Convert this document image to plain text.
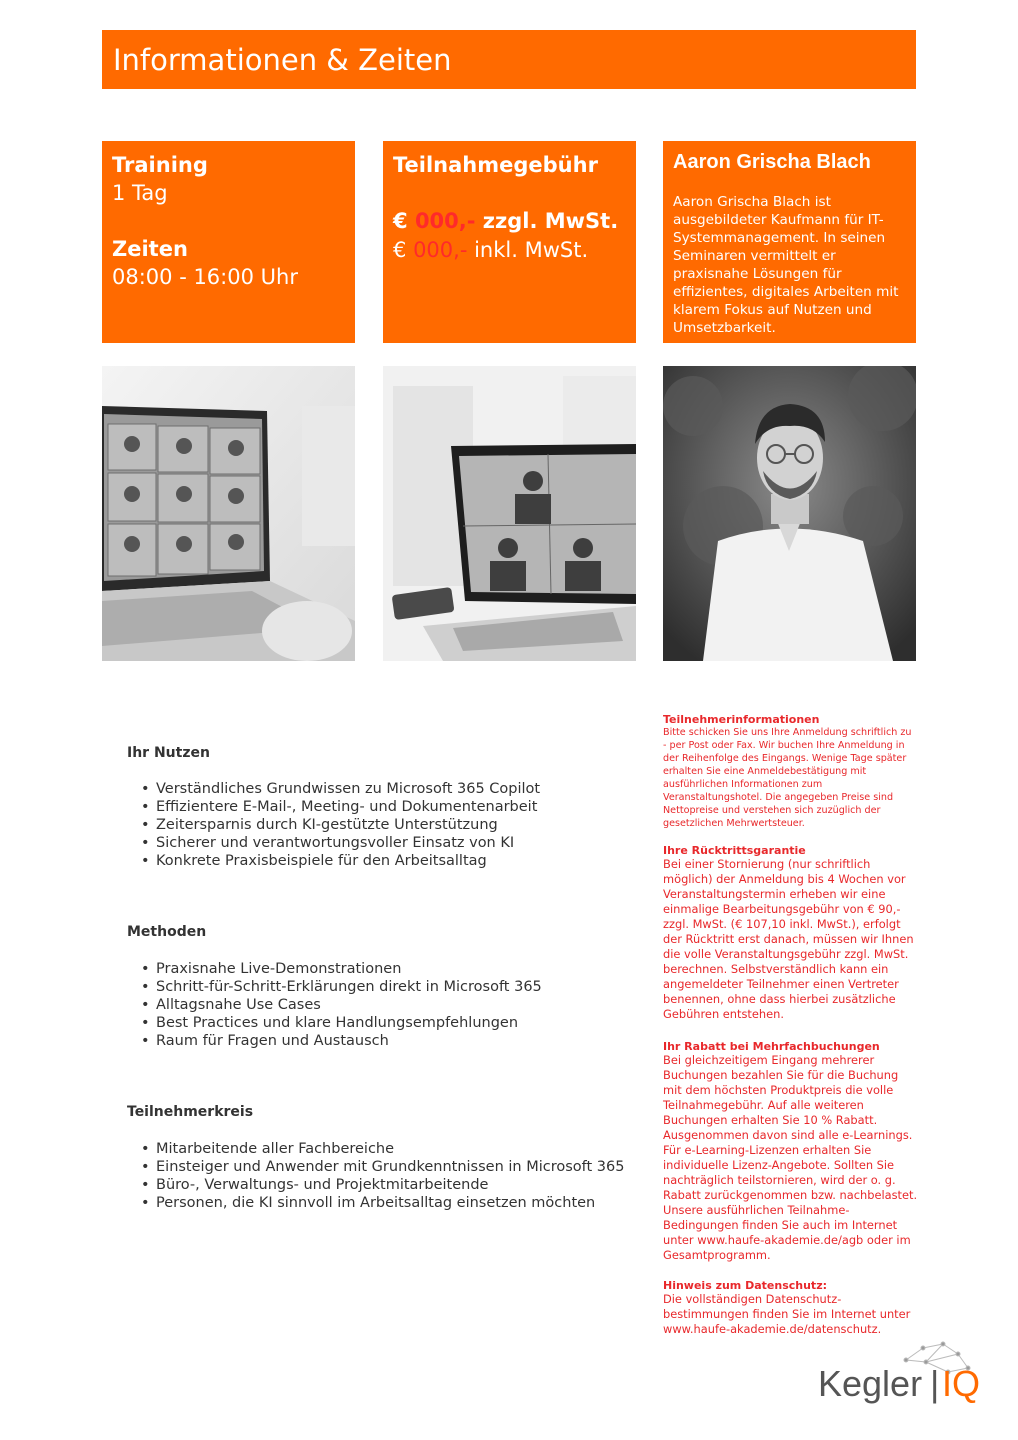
Informationen & Zeiten
Training
1 Tag
Zeiten
08:00 - 16:00 Uhr
Teilnahmegebühr
€ 000,- zzgl. MwSt.
€ 000,- inkl. MwSt.
Aaron Grischa Blach
Aaron Grischa Blach ist ausgebildeter Kaufmann für IT-Systemmanagement. In seinen Seminaren vermittelt er praxisnahe Lösungen für effizientes, digitales Arbeiten mit klarem Fokus auf Nutzen und Umsetzbarkeit.
Ihr Nutzen
• Verständliches Grundwissen zu Microsoft 365 Copilot
• Effizientere E-Mail-, Meeting- und Dokumentenarbeit
• Zeitersparnis durch KI-gestützte Unterstützung
• Sicherer und verantwortungsvoller Einsatz von KI
• Konkrete Praxisbeispiele für den Arbeitsalltag
Methoden
• Praxisnahe Live-Demonstrationen
• Schritt-für-Schritt-Erklärungen direkt in Microsoft 365
• Alltagsnahe Use Cases
• Best Practices und klare Handlungsempfehlungen
• Raum für Fragen und Austausch
Teilnehmerkreis
• Mitarbeitende aller Fachbereiche
• Einsteiger und Anwender mit Grundkenntnissen in Microsoft 365
• Büro-, Verwaltungs- und Projektmitarbeitende
• Personen, die KI sinnvoll im Arbeitsalltag einsetzen möchten
Teilnehmerinformationen
Bitte schicken Sie uns Ihre Anmeldung schriftlich zu - per Post oder Fax. Wir buchen Ihre Anmeldung in der Reihenfolge des Eingangs. Wenige Tage später erhalten Sie eine Anmeldebestätigung mit ausführlichen Informationen zum Veranstaltungshotel. Die angegeben Preise sind Nettopreise und verstehen sich zuzüglich der gesetzlichen Mehrwertsteuer.
Ihre Rücktrittsgarantie
Bei einer Stornierung (nur schriftlich möglich) der Anmeldung bis 4 Wochen vor Veranstaltungstermin erheben wir eine einmalige Bearbeitungsgebühr von € 90,-zzgl. MwSt. (€ 107,10 inkl. MwSt.), erfolgt der Rücktritt erst danach, müssen wir Ihnen die volle Veranstaltungsgebühr zzgl. MwSt. berechnen. Selbstverständlich kann ein angemeldeter Teilnehmer einen Vertreter benennen, ohne dass hierbei zusätzliche Gebühren entstehen.
Ihr Rabatt bei Mehrfachbuchungen
Bei gleichzeitigem Eingang mehrerer Buchungen bezahlen Sie für die Buchung mit dem höchsten Produktpreis die volle Teilnahmegebühr. Auf alle weiteren Buchungen erhalten Sie 10 % Rabatt. Ausgenommen davon sind alle e-Learnings. Für e-Learning-Lizenzen erhalten Sie individuelle Lizenz-Angebote. Sollten Sie nachträglich teilstornieren, wird der o. g. Rabatt zurückgenommen bzw. nachbelastet. Unsere ausführlichen Teilnahme-Bedingungen finden Sie auch im Internet unter www.haufe-akademie.de/agb oder im Gesamtprogramm.
Hinweis zum Datenschutz:
Die vollständigen Datenschutz-bestimmungen finden Sie im Internet unter www.haufe-akademie.de/datenschutz.
Kegler | IQ
